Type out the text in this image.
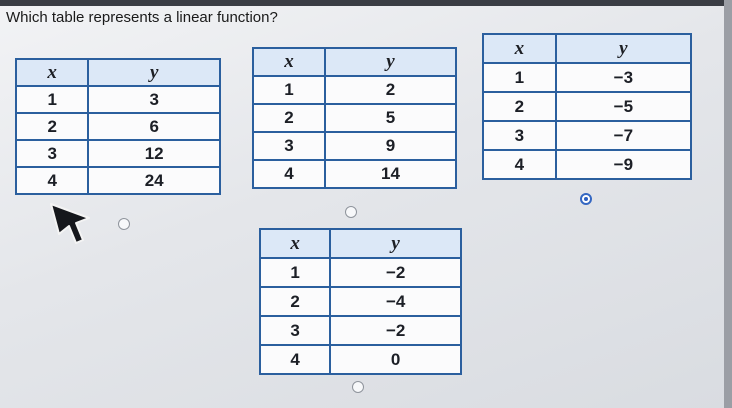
Which table represents a linear function?
x	y
1	3
2	6
3	12
4	24
x	y
1	2
2	5
3	9
4	14
x	y
1	−3
2	−5
3	−7
4	−9
x	y
1	−2
2	−4
3	−2
4	0
